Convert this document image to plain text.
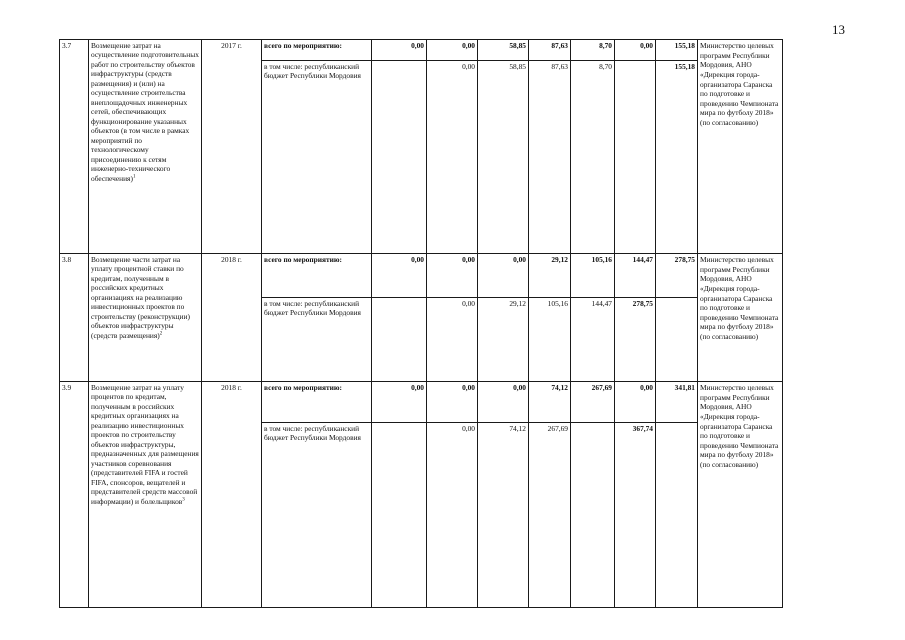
13
3.7	Возмещение затрат на осуществление подготовительных работ по строительству объектов инфраструктуры (средств размещения) и (или) на осуществление строительства внеплощадочных инженерных сетей, обеспечивающих функционирование указанных объектов (в том числе в рамках мероприятий по технологическому присоединению к сетям инженерно-технического обеспечения)$^1$	2017 г.	всего по мероприятию:	0,00	0,00	58,85	87,63	8,70	0,00	155,18	Министерство целевых программ Республики Мордовия, АНО «Дирекция города-организатора Саранска по подготовке и проведению Чемпионата мира по футболу 2018» (по согласованию)
			в том числе: республиканский бюджет Республики Мордовия		0,00	58,85	87,63	8,70		155,18	
3.8	Возмещение части затрат на уплату процентной ставки по кредитам, полученным в российских кредитных организациях на реализацию инвестиционных проектов по строительству (реконструкции) объектов инфраструктуры (средств размещения)$^2$	2018 г.	всего по мероприятию:	0,00	0,00	0,00	29,12	105,16	144,47	278,75	Министерство целевых программ Республики Мордовия, АНО «Дирекция города-организатора Саранска по подготовке и проведению Чемпионата мира по футболу 2018» (по согласованию)
			в том числе: республиканский бюджет Республики Мордовия		0,00	29,12	105,16	144,47	278,75		
3.9	Возмещение затрат на уплату процентов по кредитам, полученным в российских кредитных организациях на реализацию инвестиционных проектов по строительству объектов инфраструктуры, предназначенных для размещения участников соревнования (представителей FIFA и гостей FIFA, спонсоров, вещателей и представителей средств массовой информации) и болельщиков$^3$	2018 г.	всего по мероприятию:	0,00	0,00	0,00	74,12	267,69	0,00	341,81	Министерство целевых программ Республики Мордовия, АНО «Дирекция города-организатора Саранска по подготовке и проведению Чемпионата мира по футболу 2018» (по согласованию)
			в том числе: республиканский бюджет Республики Мордовия		0,00	74,12	267,69		367,74		
